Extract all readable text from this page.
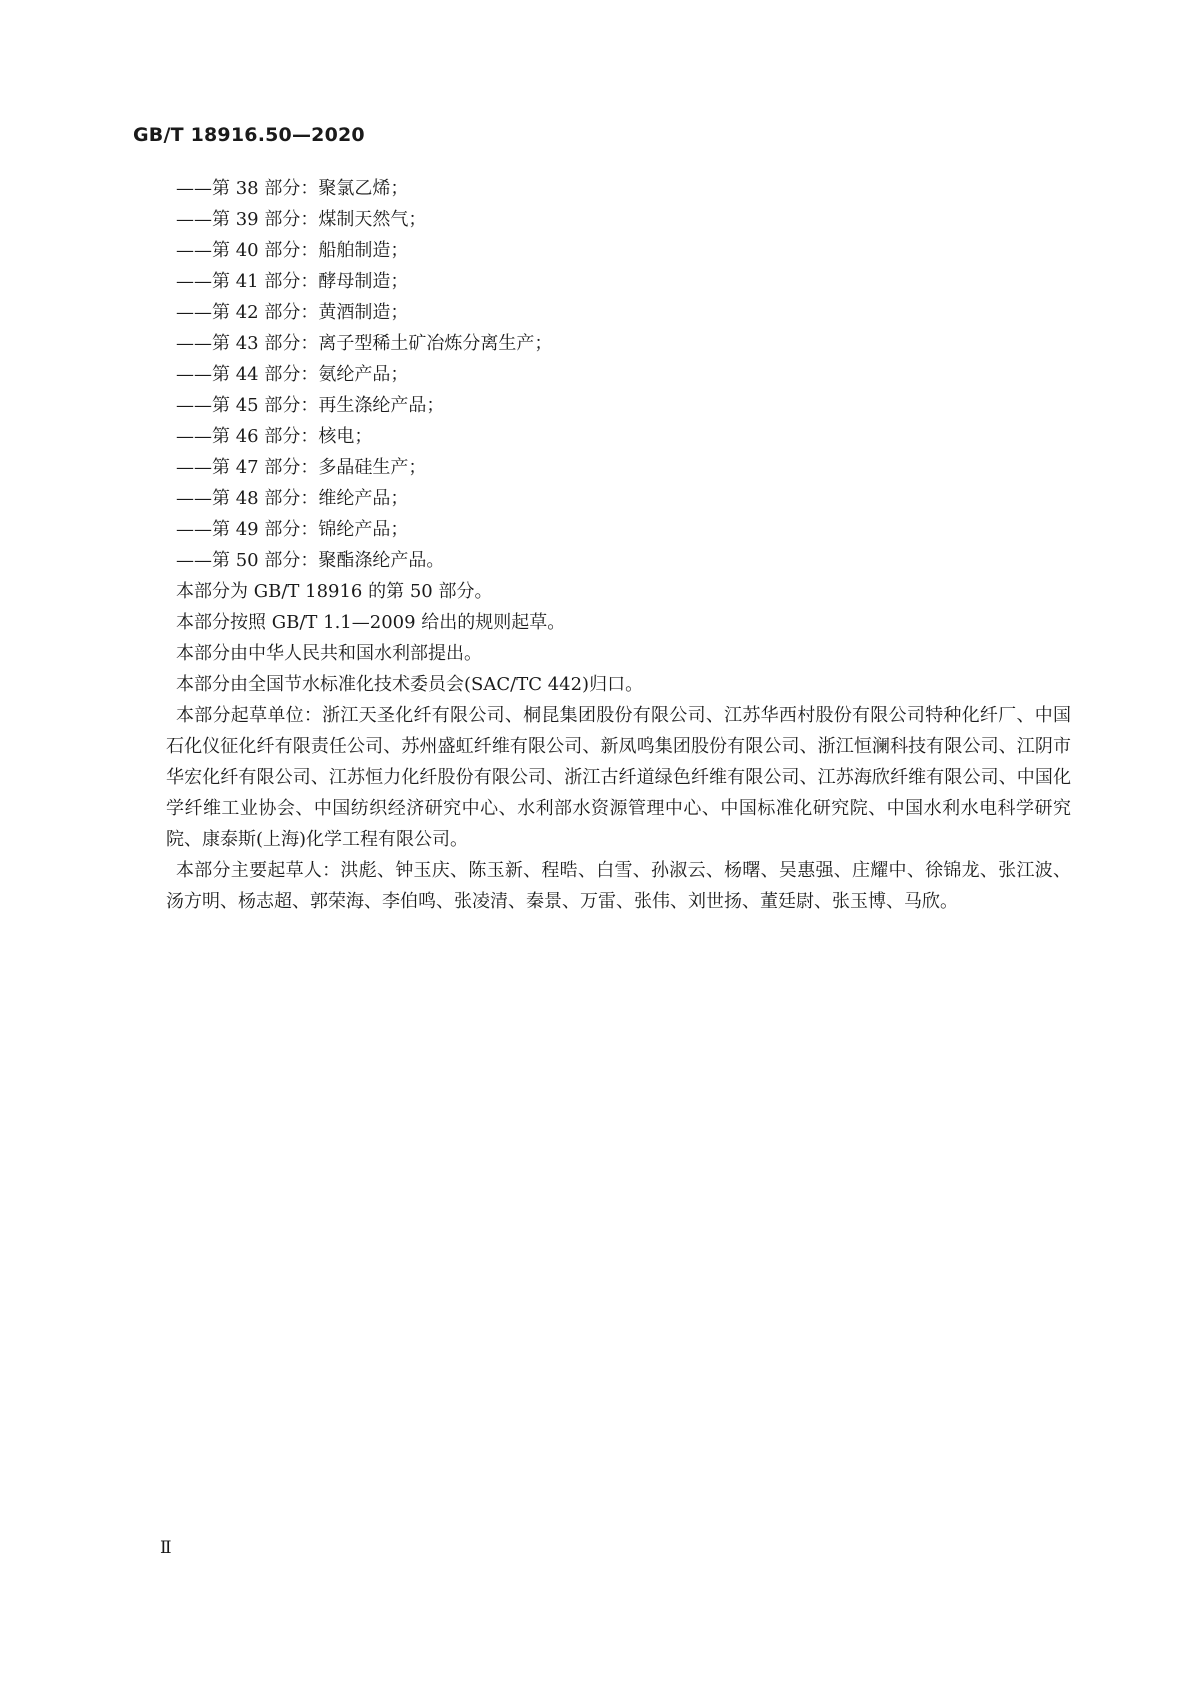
GB/T 18916.50—2020

——第 38 部分：聚氯乙烯；

——第 39 部分：煤制天然气；

——第 40 部分：船舶制造；

——第 41 部分：酵母制造；

——第 42 部分：黄酒制造；

——第 43 部分：离子型稀土矿冶炼分离生产；

——第 44 部分：氨纶产品；

——第 45 部分：再生涤纶产品；

——第 46 部分：核电；

——第 47 部分：多晶硅生产；

——第 48 部分：维纶产品；

——第 49 部分：锦纶产品；

——第 50 部分：聚酯涤纶产品。

本部分为 GB/T 18916 的第 50 部分。

本部分按照 GB/T 1.1—2009 给出的规则起草。

本部分由中华人民共和国水利部提出。

本部分由全国节水标准化技术委员会(SAC/TC 442)归口。

本部分起草单位：浙江天圣化纤有限公司、桐昆集团股份有限公司、江苏华西村股份有限公司特种化纤厂、中国石化仪征化纤有限责任公司、苏州盛虹纤维有限公司、新凤鸣集团股份有限公司、浙江恒澜科技有限公司、江阴市华宏化纤有限公司、江苏恒力化纤股份有限公司、浙江古纤道绿色纤维有限公司、江苏海欣纤维有限公司、中国化学纤维工业协会、中国纺织经济研究中心、水利部水资源管理中心、中国标准化研究院、中国水利水电科学研究院、康泰斯(上海)化学工程有限公司。

本部分主要起草人：洪彪、钟玉庆、陈玉新、程晧、白雪、孙淑云、杨曙、吴惠强、庄耀中、徐锦龙、张江波、汤方明、杨志超、郭荣海、李伯鸣、张凌清、秦景、万雷、张伟、刘世扬、董廷尉、张玉博、马欣。

Ⅱ
